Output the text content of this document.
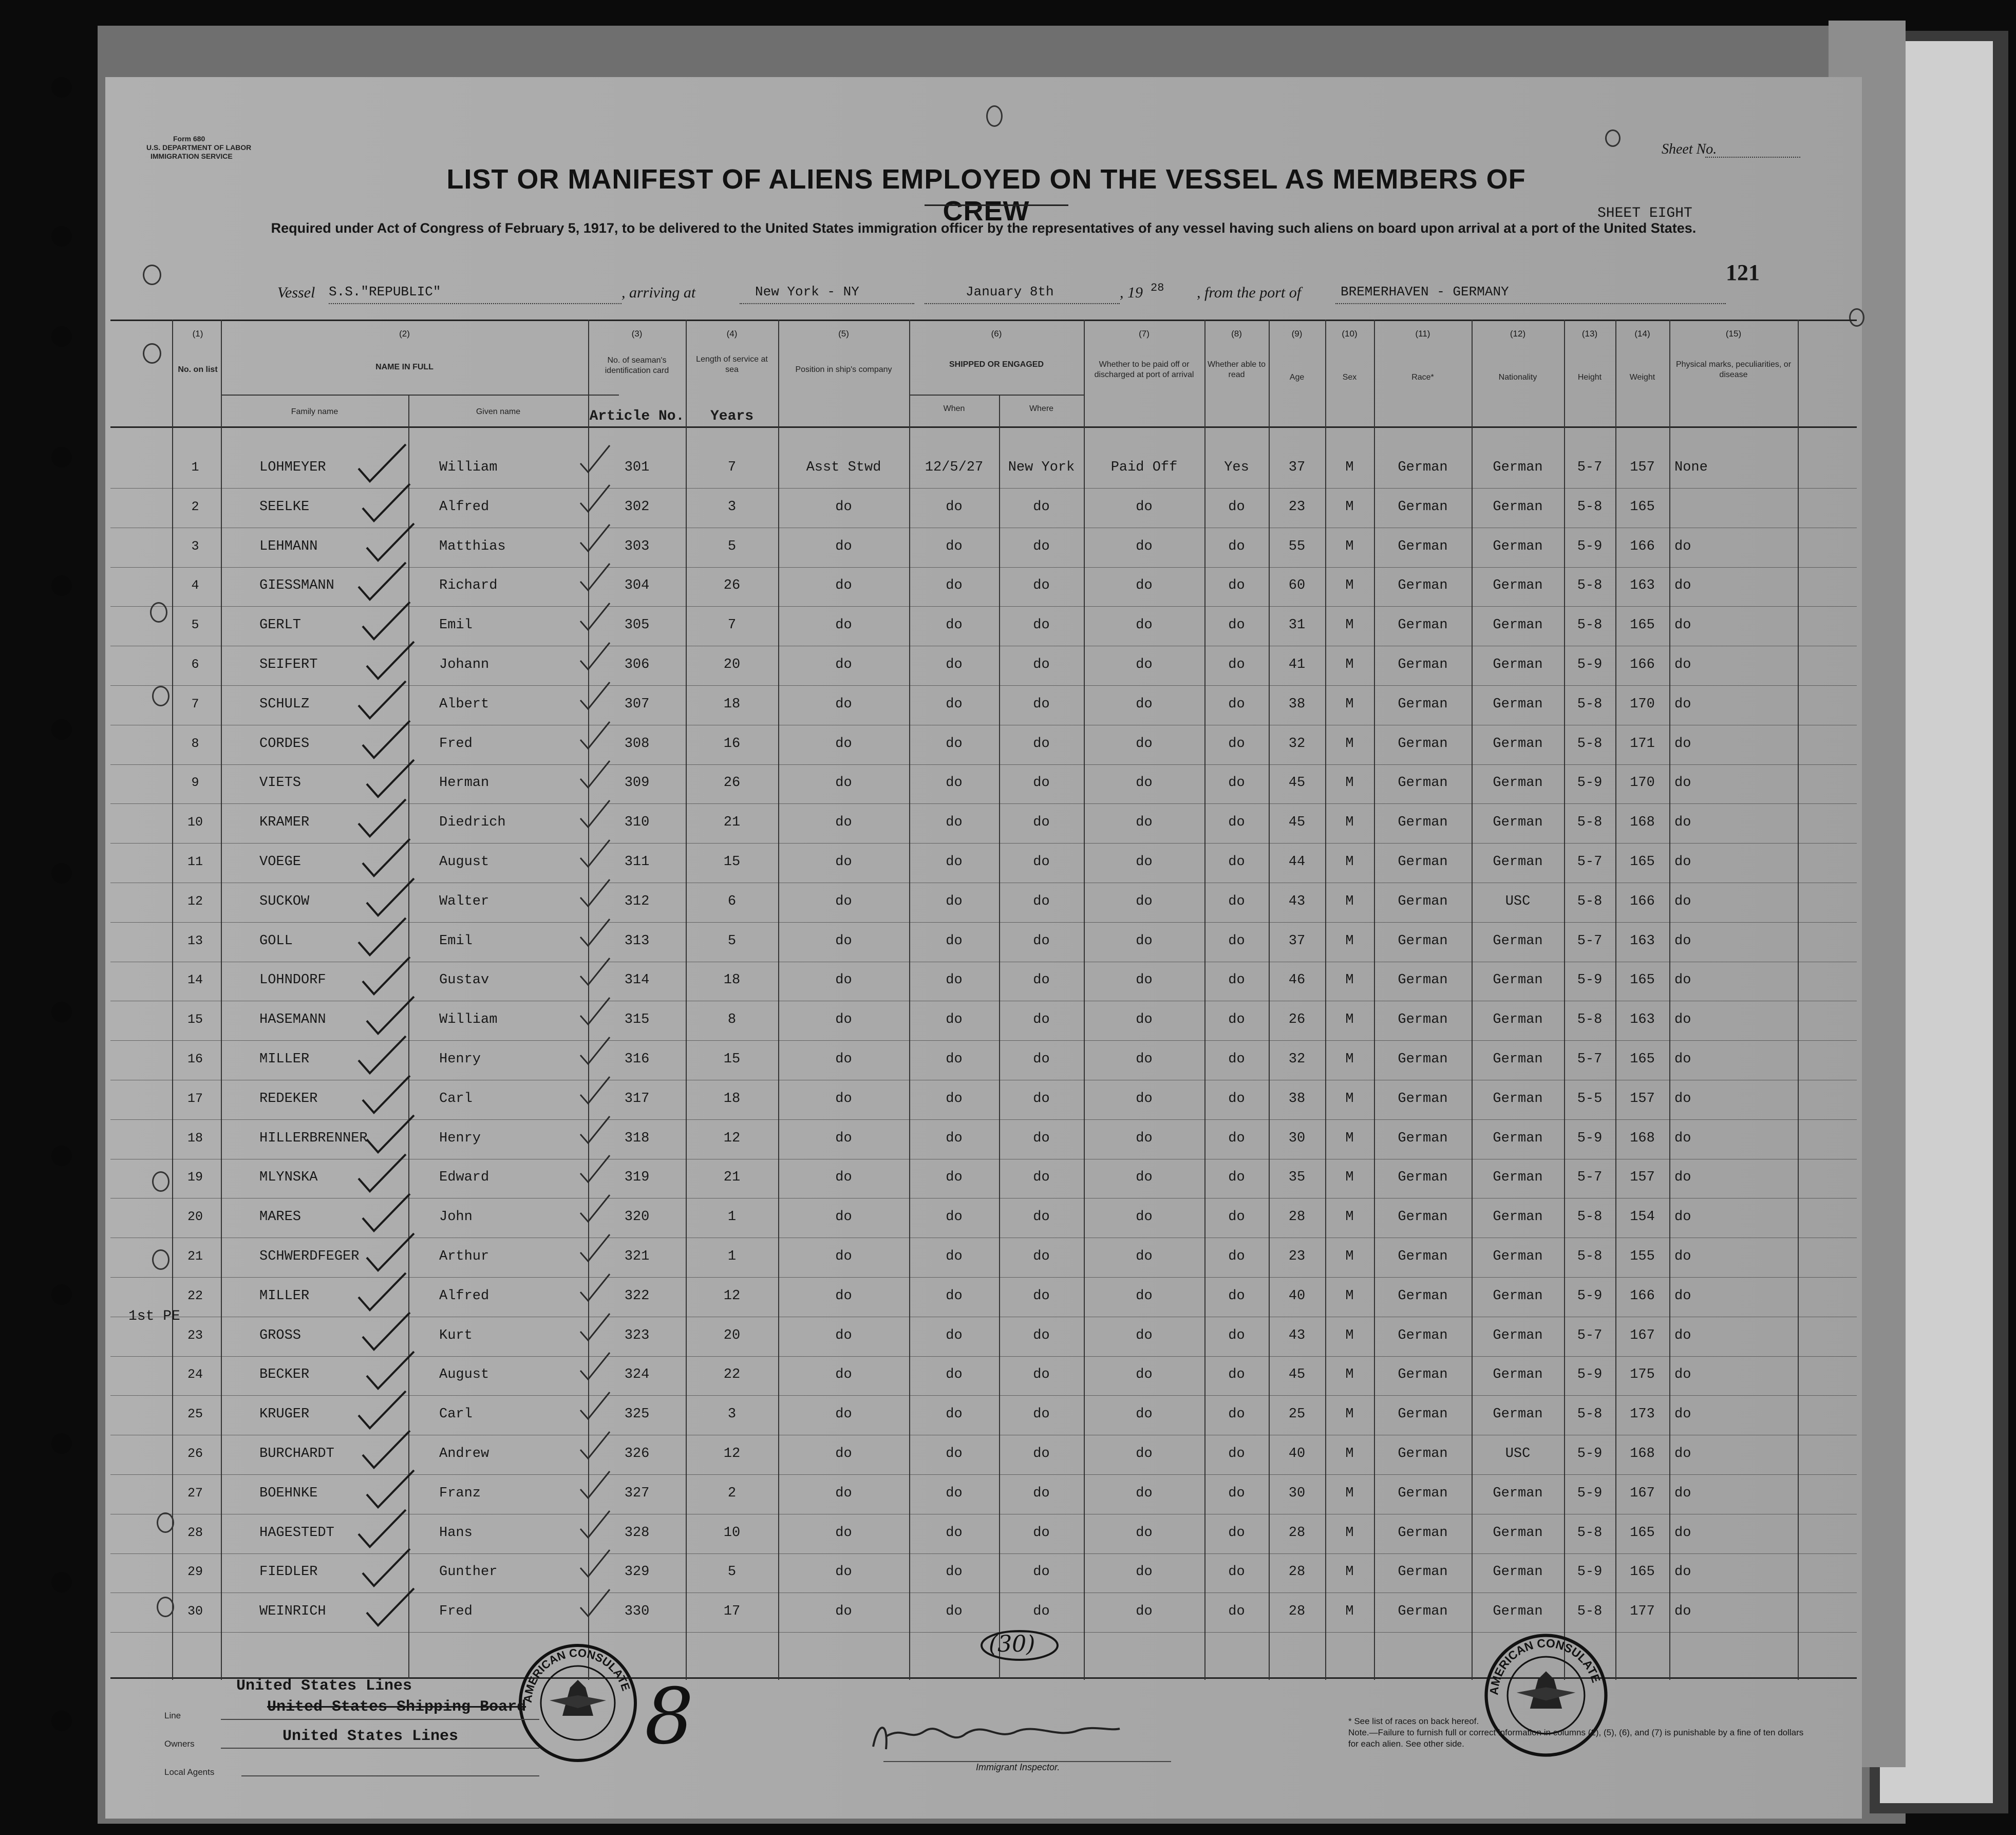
Form 680
U.S. DEPARTMENT OF LABOR
IMMIGRATION SERVICE	Sheet No.
LIST OR MANIFEST OF ALIENS EMPLOYED ON THE VESSEL AS MEMBERS OF CREW	SHEET EIGHT
Required under Act of Congress of February 5, 1917, to be delivered to the United States immigration officer by the representatives of any vessel having such aliens on board upon arrival at a port of the United States.
121
Vessel S.S."REPUBLIC"	, arriving at	New York - NY	January 8th	, 19 28 , from the port of	BREMERHAVEN - GERMANY
(1)	(2)	(3)	(4)	(5)	(6)	(7)	(8)	(9)	(10)	(11)	(12)	(13)	(14)	(15)
No. on list	NAME IN FULL
Family name	Given name
No. of seaman's identification card
Article No.
Length of service at sea
Years
Position in ship's company
SHIPPED OR ENGAGED
When	Where
Whether to be paid off or discharged at port of arrival
Whether able to read	Age	Sex	Race*	Nationality	Height	Weight
Physical marks, peculiarities, or disease
1	LOHMEYER	William	301	7	Asst Stwd	12/5/27	New York	Paid Off	Yes	37	M	German	German	5-7	157	None
2	SEELKE	Alfred	302	3	do	do	do	do	do	23	M	German	German	5-8	165
3	LEHMANN	Matthias	303	5	do	do	do	do	do	55	M	German	German	5-9	166	do
4	GIESSMANN	Richard	304	26	do	do	do	do	do	60	M	German	German	5-8	163	do
5	GERLT	Emil	305	7	do	do	do	do	do	31	M	German	German	5-8	165	do
6	SEIFERT	Johann	306	20	do	do	do	do	do	41	M	German	German	5-9	166	do
7	SCHULZ	Albert	307	18	do	do	do	do	do	38	M	German	German	5-8	170	do
8	CORDES	Fred	308	16	do	do	do	do	do	32	M	German	German	5-8	171	do
9	VIETS	Herman	309	26	do	do	do	do	do	45	M	German	German	5-9	170	do
10	KRAMER	Diedrich	310	21	do	do	do	do	do	45	M	German	German	5-8	168	do
11	VOEGE	August	311	15	do	do	do	do	do	44	M	German	German	5-7	165	do
12	SUCKOW	Walter	312	6	do	do	do	do	do	43	M	German	USC	5-8	166	do
13	GOLL	Emil	313	5	do	do	do	do	do	37	M	German	German	5-7	163	do
14	LOHNDORF	Gustav	314	18	do	do	do	do	do	46	M	German	German	5-9	165	do
15	HASEMANN	William	315	8	do	do	do	do	do	26	M	German	German	5-8	163	do
16	MILLER	Henry	316	15	do	do	do	do	do	32	M	German	German	5-7	165	do
17	REDEKER	Carl	317	18	do	do	do	do	do	38	M	German	German	5-5	157	do
18	HILLERBRENNER	Henry	318	12	do	do	do	do	do	30	M	German	German	5-9	168	do
19	MLYNSKA	Edward	319	21	do	do	do	do	do	35	M	German	German	5-7	157	do
20	MARES	John	320	1	do	do	do	do	do	28	M	German	German	5-8	154	do
21	SCHWERDFEGER	Arthur	321	1	do	do	do	do	do	23	M	German	German	5-8	155	do
22	MILLER	Alfred	322	12	do	do	do	do	do	40	M	German	German	5-9	166	do
23	GROSS	Kurt	323	20	do	do	do	do	do	43	M	German	German	5-7	167	do
24	BECKER	August	324	22	do	do	do	do	do	45	M	German	German	5-9	175	do
25	KRUGER	Carl	325	3	do	do	do	do	do	25	M	German	German	5-8	173	do
26	BURCHARDT	Andrew	326	12	do	do	do	do	do	40	M	German	USC	5-9	168	do
27	BOEHNKE	Franz	327	2	do	do	do	do	do	30	M	German	German	5-9	167	do
28	HAGESTEDT	Hans	328	10	do	do	do	do	do	28	M	German	German	5-8	165	do
29	FIEDLER	Gunther	329	5	do	do	do	do	do	28	M	German	German	5-9	165	do
30	WEINRICH	Fred	330	17	do	do	do	do	do	28	M	German	German	5-8	177	do
1st PE
(30)
AMERICAN CONSULATE	AMERICAN CONSULATE
United States Lines
United States Shipping Board
Line
United States Lines
Owners
Local Agents
8
Immigrant Inspector.
* See list of races on back hereof.
Note.—Failure to furnish full or correct information in columns (2), (5), (6), and (7) is punishable by a fine of ten dollars for each alien. See other side.
